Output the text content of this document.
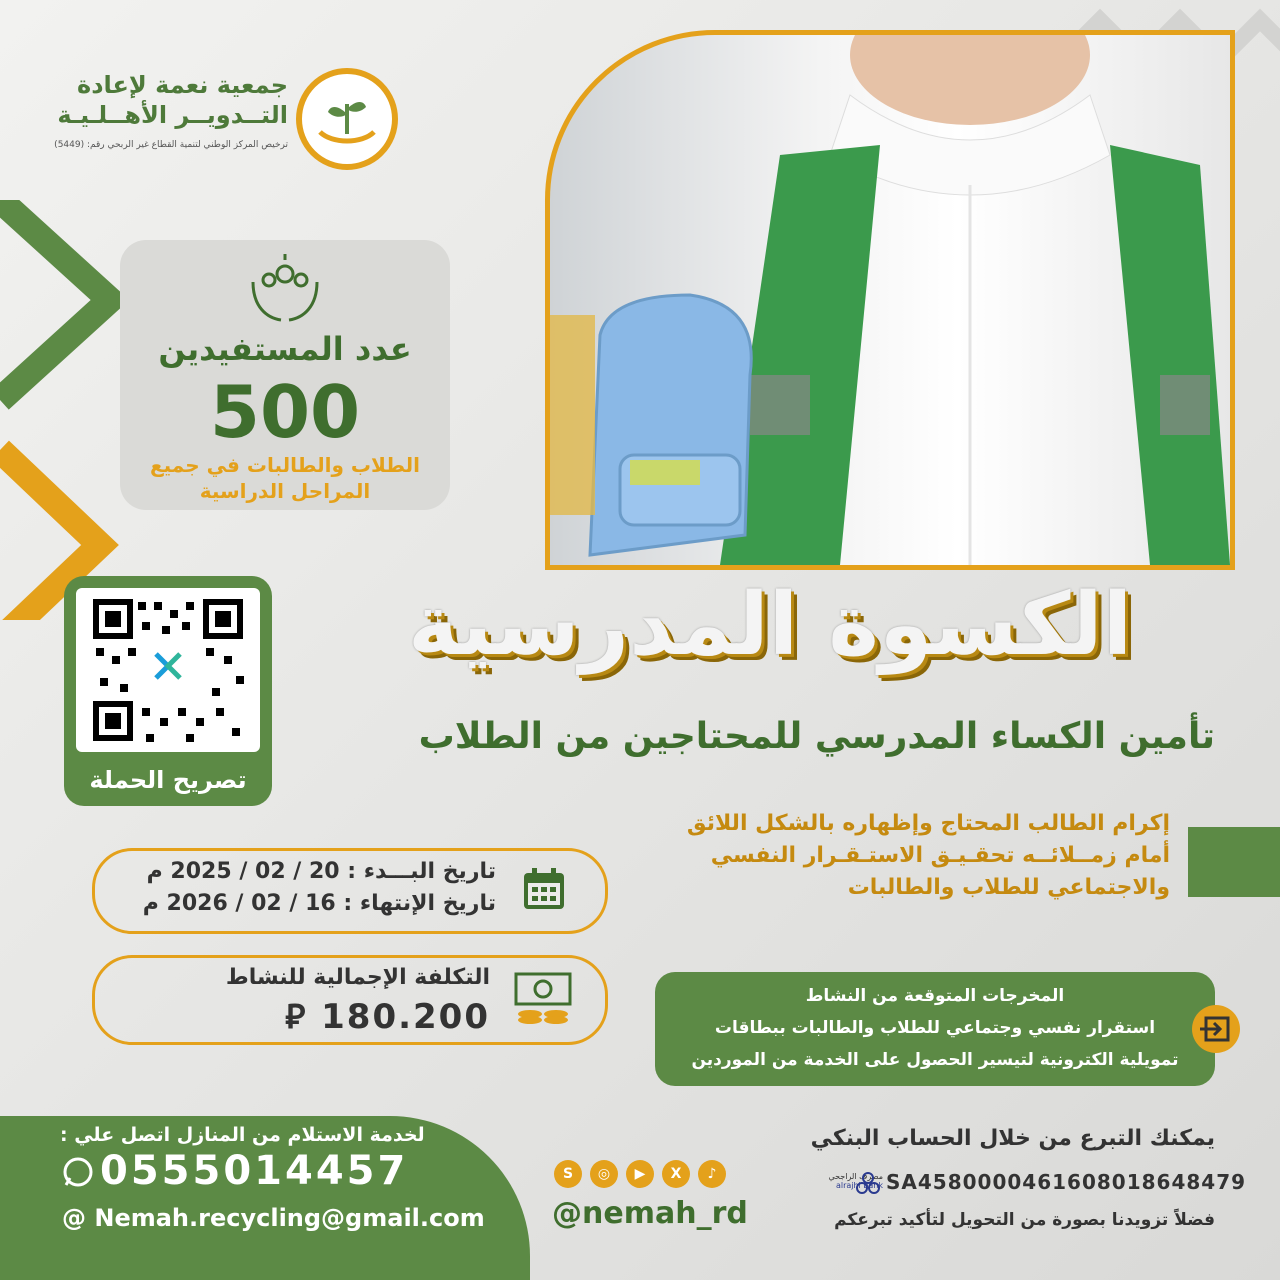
جمعية نعمة لإعادة
التــدويــر الأهــلـيـة
ترخيص المركز الوطني لتنمية القطاع غير الربحي رقم: (5449)
عدد المستفيدين
500
الطلاب والطالبات في جميع
المراحل الدراسية
الكسوة المدرسية
تأمين الكساء المدرسي للمحتاجين من الطلاب
تصريح الحملة
إكرام الطالب المحتاج وإظهاره بالشكل اللائق
أمام زمــلائــه تحقـيـق الاستـقـرار النفسي
والاجتماعي للطلاب والطالبات
تاريخ البـــدء : 20 / 02 / 2025 م
تاريخ الإنتهاء : 16 / 02 / 2026 م
التكلفة الإجمالية للنشاط
180.200 ⃁
المخرجات المتوقعة من النشاط
استقرار نفسي وجتماعي للطلاب والطالبات ببطاقات
تمويلية الكترونية لتيسير الحصول على الخدمة من الموردين
لخدمة الاستلام من المنازل اتصل علي :
0555014457
@ Nemah.recycling@gmail.com
S	◎	▶	X	♪
@nemah_rd
يمكنك التبرع من خلال الحساب البنكي
مصرف الراجحي
alrajhi bank SA4580000461608018648479
فضلاً تزويدنا بصورة من التحويل لتأكيد تبرعكم
